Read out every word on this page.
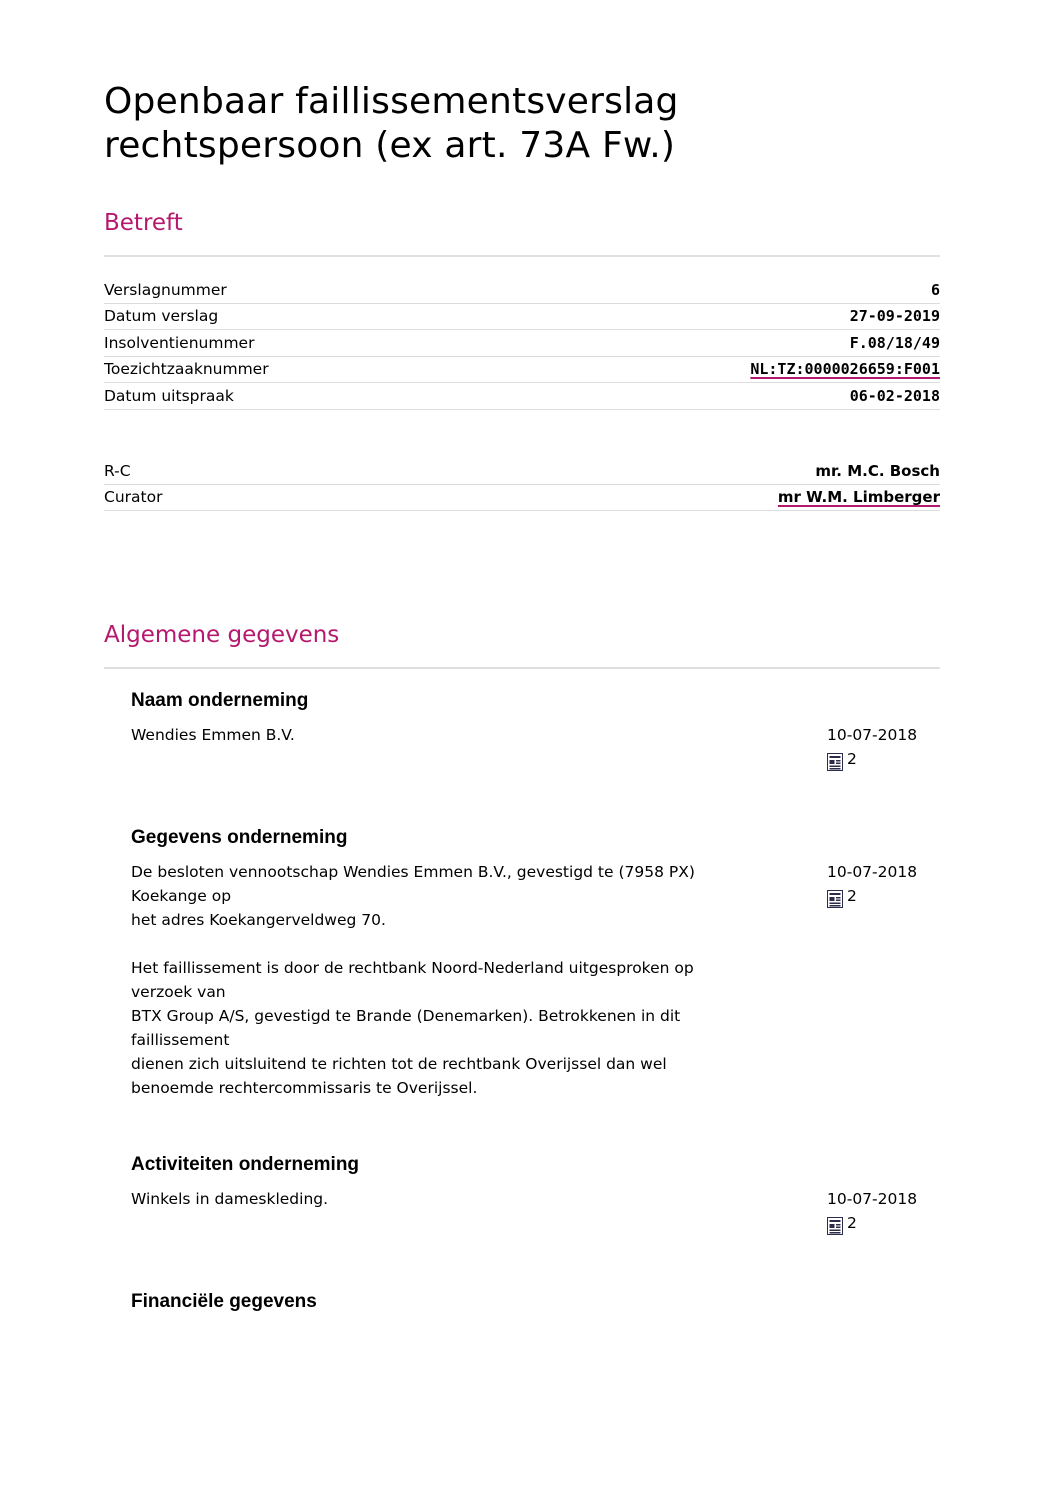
Openbaar faillissementsverslag rechtspersoon (ex art. 73A Fw.)
Betreft
Verslagnummer	6
Datum verslag	27-09-2019
Insolventienummer	F.08/18/49
Toezichtzaaknummer	NL:TZ:0000026659:F001
Datum uitspraak	06-02-2018
R-C	mr. M.C. Bosch
Curator	mr W.M. Limberger
Algemene gegevens
Naam onderneming
Wendies Emmen B.V.	10-07-2018
2
Gegevens onderneming
De besloten vennootschap Wendies Emmen B.V., gevestigd te (7958 PX)
Koekange op
het adres Koekangerveldweg 70.

Het faillissement is door de rechtbank Noord-Nederland uitgesproken op
verzoek van
BTX Group A/S, gevestigd te Brande (Denemarken). Betrokkenen in dit
faillissement
dienen zich uitsluitend te richten tot de rechtbank Overijssel dan wel
benoemde rechtercommissaris te Overijssel.
10-07-2018
2
Activiteiten onderneming
Winkels in dameskleding.	10-07-2018
2
Financiële gegevens
